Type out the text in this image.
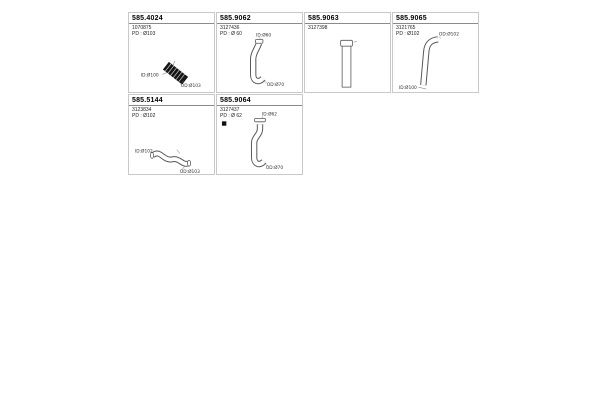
585.4024
1070875
PD : Ø103
ID:Ø100
OD:Ø103
585.9062
3127436
PD : Ø 60	ID:Ø60
OD:Ø70
585.9063
3127398
585.9065
3121765
PD : Ø102	OD:Ø102
ID:Ø100
585.5144
3123834
PD : Ø102
ID:Ø102
OD:Ø103
585.9064
3127437
PD : Ø 62	ID:Ø62
OD:Ø70
